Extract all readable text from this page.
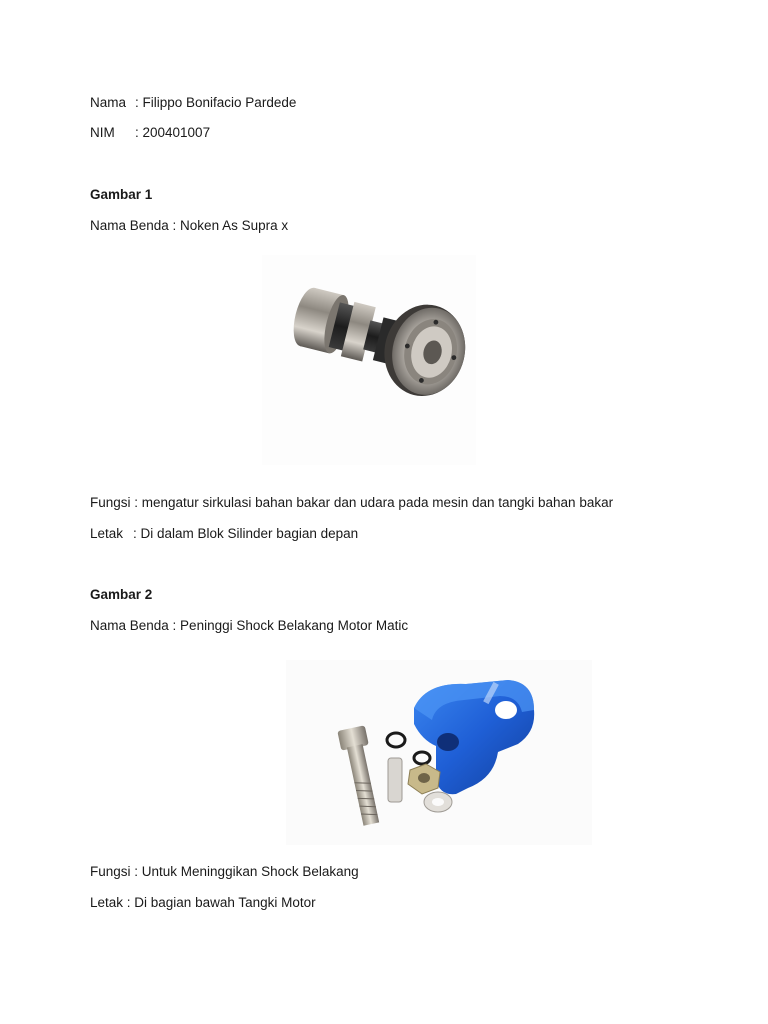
Nama : Filippo Bonifacio Pardede
NIM : 200401007
Gambar 1
Nama Benda : Noken As Supra x
Fungsi : mengatur sirkulasi bahan bakar dan udara pada mesin dan tangki bahan bakar
Letak : Di dalam Blok Silinder bagian depan
Gambar 2
Nama Benda : Peninggi Shock Belakang Motor Matic
Fungsi : Untuk Meninggikan Shock Belakang
Letak : Di bagian bawah Tangki Motor
